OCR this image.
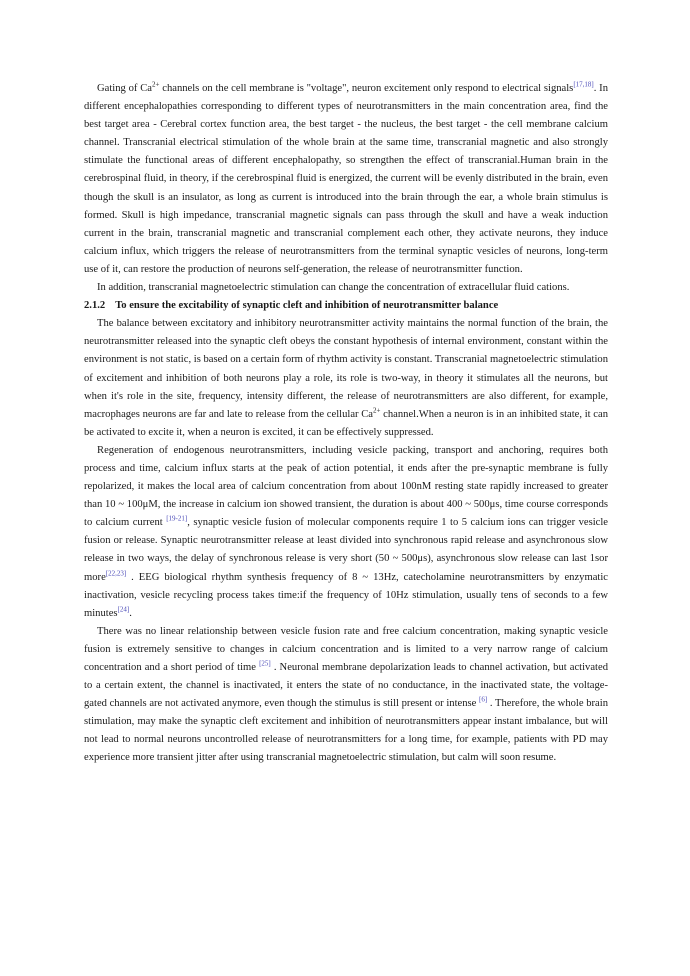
Gating of $Ca^{2+}$ channels on the cell membrane is "voltage", neuron excitement only respond to electrical signals[17,18]. In different encephalopathies corresponding to different types of neurotransmitters in the main concentration area, find the best target area - Cerebral cortex function area, the best target - the nucleus, the best target - the cell membrane calcium channel. Transcranial electrical stimulation of the whole brain at the same time, transcranial magnetic and also strongly stimulate the functional areas of different encephalopathy, so strengthen the effect of transcranial.Human brain in the cerebrospinal fluid, in theory, if the cerebrospinal fluid is energized, the current will be evenly distributed in the brain, even though the skull is an insulator, as long as current is introduced into the brain through the ear, a whole brain stimulus is formed. Skull is high impedance, transcranial magnetic signals can pass through the skull and have a weak induction current in the brain, transcranial magnetic and transcranial complement each other, they activate neurons, they induce calcium influx, which triggers the release of neurotransmitters from the terminal synaptic vesicles of neurons, long-term use of it, can restore the production of neurons self-generation, the release of neurotransmitter function.

In addition, transcranial magnetoelectric stimulation can change the concentration of extracellular fluid cations.

2.1.2 To ensure the excitability of synaptic cleft and inhibition of neurotransmitter balance

The balance between excitatory and inhibitory neurotransmitter activity maintains the normal function of the brain, the neurotransmitter released into the synaptic cleft obeys the constant hypothesis of internal environment, constant within the environment is not static, is based on a certain form of rhythm activity is constant. Transcranial magnetoelectric stimulation of excitement and inhibition of both neurons play a role, its role is two-way, in theory it stimulates all the neurons, but when it's role in the site, frequency, intensity different, the release of neurotransmitters are also different, for example, macrophages neurons are far and late to release from the cellular $Ca^{2+}$ channel.When a neuron is in an inhibited state, it can be activated to excite it, when a neuron is excited, it can be effectively suppressed.

Regeneration of endogenous neurotransmitters, including vesicle packing, transport and anchoring, requires both process and time, calcium influx starts at the peak of action potential, it ends after the pre-synaptic membrane is fully repolarized, it makes the local area of calcium concentration from about 100nM resting state rapidly increased to greater than 10 ~ 100μM, the increase in calcium ion showed transient, the duration is about 400 ~ 500μs, time course corresponds to calcium current [19-21], synaptic vesicle fusion of molecular components require 1 to 5 calcium ions can trigger vesicle fusion or release. Synaptic neurotransmitter release at least divided into synchronous rapid release and asynchronous slow release in two ways, the delay of synchronous release is very short (50 ~ 500μs), asynchronous slow release can last 1sor more[22,23] . EEG biological rhythm synthesis frequency of 8 ~ 13Hz, catecholamine neurotransmitters by enzymatic inactivation, vesicle recycling process takes time:if the frequency of 10Hz stimulation, usually tens of seconds to a few minutes[24].

There was no linear relationship between vesicle fusion rate and free calcium concentration, making synaptic vesicle fusion is extremely sensitive to changes in calcium concentration and is limited to a very narrow range of calcium concentration and a short period of time [25] . Neuronal membrane depolarization leads to channel activation, but activated to a certain extent, the channel is inactivated, it enters the state of no conductance, in the inactivated state, the voltage-gated channels are not activated anymore, even though the stimulus is still present or intense [6] . Therefore, the whole brain stimulation, may make the synaptic cleft excitement and inhibition of neurotransmitters appear instant imbalance, but will not lead to normal neurons uncontrolled release of neurotransmitters for a long time, for example, patients with PD may experience more transient jitter after using transcranial magnetoelectric stimulation, but calm will soon resume.
